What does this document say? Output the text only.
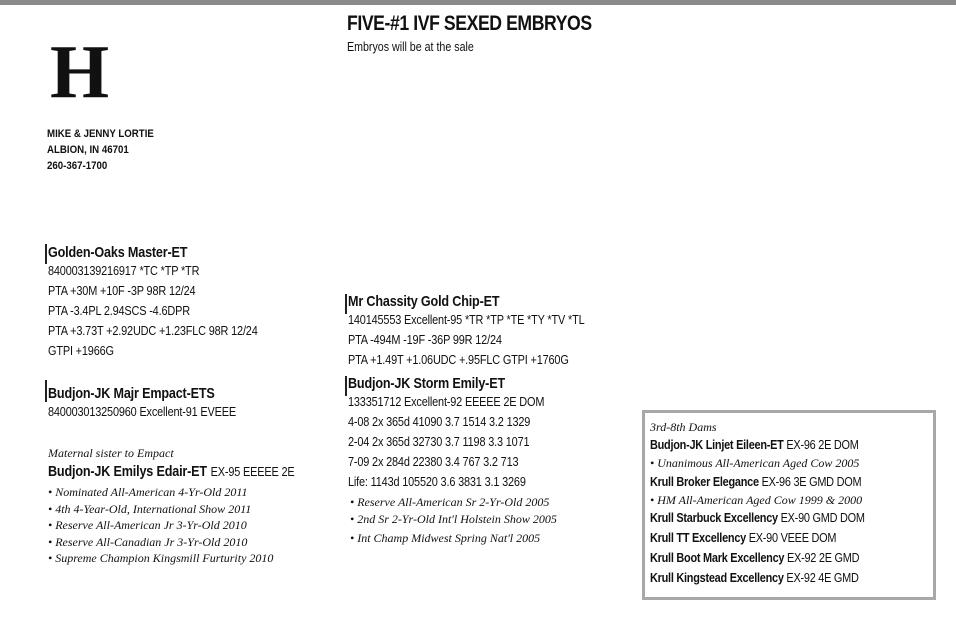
H
MIKE & JENNY LORTIE
ALBION, IN 46701
260-367-1700
FIVE-#1 IVF SEXED EMBRYOS
Embryos will be at the sale
Golden-Oaks Master-ET
840003139216917 *TC *TP *TR
PTA +30M +10F -3P 98R 12/24
PTA -3.4PL 2.94SCS -4.6DPR
PTA +3.73T +2.92UDC +1.23FLC 98R 12/24
GTPI +1966G
Budjon-JK Majr Empact-ETS
840003013250960 Excellent-91 EVEEE
Maternal sister to Empact
Budjon-JK Emilys Edair-ET EX-95 EEEEE 2E
• Nominated All-American 4-Yr-Old 2011
• 4th 4-Year-Old, International Show 2011
• Reserve All-American Jr 3-Yr-Old 2010
• Reserve All-Canadian Jr 3-Yr-Old 2010
• Supreme Champion Kingsmill Furturity 2010
Mr Chassity Gold Chip-ET
140145553 Excellent-95 *TR *TP *TE *TY *TV *TL
PTA -494M -19F -36P 99R 12/24
PTA +1.49T +1.06UDC +.95FLC GTPI +1760G
Budjon-JK Storm Emily-ET
133351712 Excellent-92 EEEEE 2E DOM
4-08 2x 365d 41090 3.7 1514 3.2 1329
2-04 2x 365d 32730 3.7 1198 3.3 1071
7-09 2x 284d 22380 3.4 767 3.2 713
Life: 1143d 105520 3.6 3831 3.1 3269
• Reserve All-American Sr 2-Yr-Old 2005
• 2nd Sr 2-Yr-Old Int'l Holstein Show 2005
• Int Champ Midwest Spring Nat'l 2005
3rd-8th Dams
Budjon-JK Linjet Eileen-ET EX-96 2E DOM
• Unanimous All-American Aged Cow 2005
Krull Broker Elegance EX-96 3E GMD DOM
• HM All-American Aged Cow 1999 & 2000
Krull Starbuck Excellency EX-90 GMD DOM
Krull TT Excellency EX-90 VEEE DOM
Krull Boot Mark Excellency EX-92 2E GMD
Krull Kingstead Excellency EX-92 4E GMD
